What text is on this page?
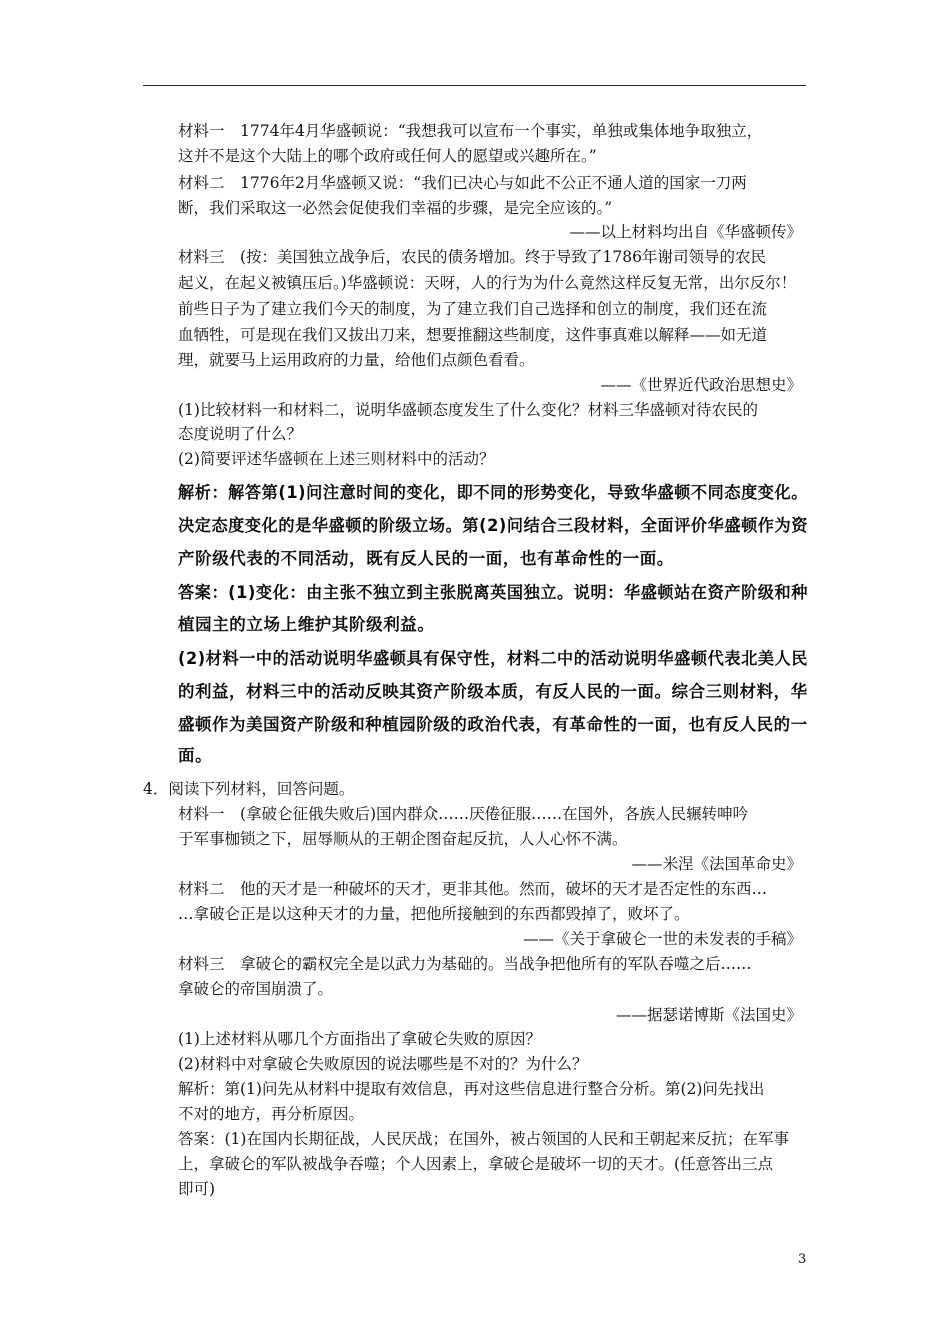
材料一　1774年4月华盛顿说：“我想我可以宣布一个事实，单独或集体地争取独立，
这并不是这个大陆上的哪个政府或任何人的愿望或兴趣所在。”
材料二　1776年2月华盛顿又说：“我们已决心与如此不公正不通人道的国家一刀两
断，我们采取这一必然会促使我们幸福的步骤，是完全应该的。”
——以上材料均出自《华盛顿传》
材料三　(按：美国独立战争后，农民的债务增加。终于导致了1786年谢司领导的农民
起义，在起义被镇压后。)华盛顿说：天呀，人的行为为什么竟然这样反复无常，出尔反尔！
前些日子为了建立我们今天的制度，为了建立我们自己选择和创立的制度，我们还在流
血牺牲，可是现在我们又拔出刀来，想要推翻这些制度，这件事真难以解释——如无道
理，就要马上运用政府的力量，给他们点颜色看看。
——《世界近代政治思想史》
(1)比较材料一和材料二，说明华盛顿态度发生了什么变化？材料三华盛顿对待农民的
态度说明了什么？
(2)简要评述华盛顿在上述三则材料中的活动？
解析：解答第(1)问注意时间的变化，即不同的形势变化，导致华盛顿不同态度变化。
决定态度变化的是华盛顿的阶级立场。第(2)问结合三段材料，全面评价华盛顿作为资
产阶级代表的不同活动，既有反人民的一面，也有革命性的一面。
答案：(1)变化：由主张不独立到主张脱离英国独立。说明：华盛顿站在资产阶级和种
植园主的立场上维护其阶级利益。
(2)材料一中的活动说明华盛顿具有保守性，材料二中的活动说明华盛顿代表北美人民
的利益，材料三中的活动反映其资产阶级本质，有反人民的一面。综合三则材料，华
盛顿作为美国资产阶级和种植园阶级的政治代表，有革命性的一面，也有反人民的一
面。
4．阅读下列材料，回答问题。
材料一　(拿破仑征俄失败后)国内群众……厌倦征服……在国外，各族人民辗转呻吟
于军事枷锁之下，屈辱顺从的王朝企图奋起反抗，人人心怀不满。
——米涅《法国革命史》
材料二　他的天才是一种破坏的天才，更非其他。然而，破坏的天才是否定性的东西…
…拿破仑正是以这种天才的力量，把他所接触到的东西都毁掉了，败坏了。
——《关于拿破仑一世的未发表的手稿》
材料三　拿破仑的霸权完全是以武力为基础的。当战争把他所有的军队吞噬之后……
拿破仑的帝国崩溃了。
——据瑟诺博斯《法国史》
(1)上述材料从哪几个方面指出了拿破仑失败的原因？
(2)材料中对拿破仑失败原因的说法哪些是不对的？为什么？
解析：第(1)问先从材料中提取有效信息，再对这些信息进行整合分析。第(2)问先找出
不对的地方，再分析原因。
答案：(1)在国内长期征战，人民厌战；在国外，被占领国的人民和王朝起来反抗；在军事
上，拿破仑的军队被战争吞噬；个人因素上，拿破仑是破坏一切的天才。(任意答出三点
即可)
3
